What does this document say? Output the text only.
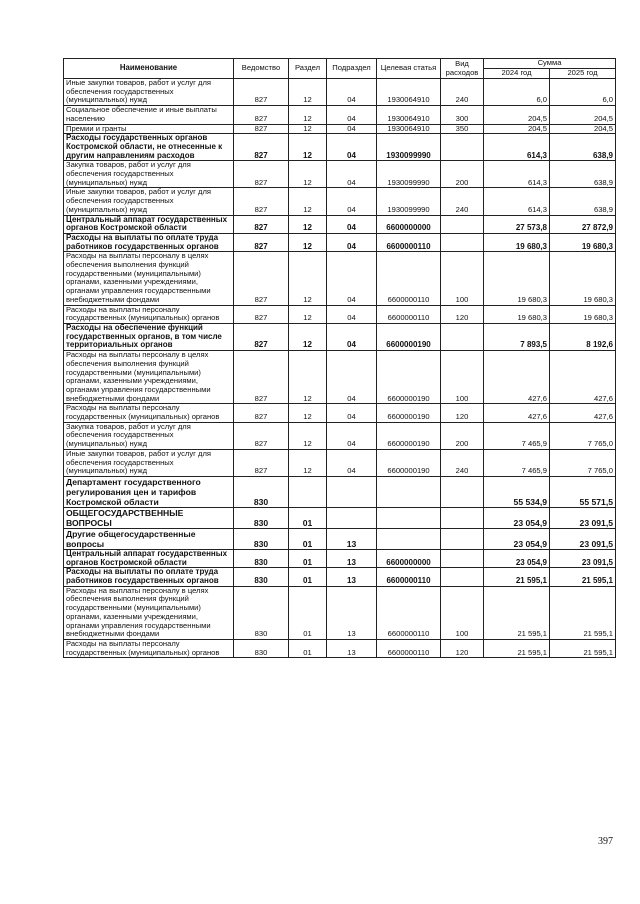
Наименование	Ведомство	Раздел	Подраздел	Целевая статья	Вид расходов	Сумма	
						2024 год	2025 год
Иные закупки товаров, работ и услуг для обеспечения государственных (муниципальных) нужд	827	12	04	1930064910	240	6,0	6,0
Социальное обеспечение и иные выплаты населению	827	12	04	1930064910	300	204,5	204,5
Премии и гранты	827	12	04	1930064910	350	204,5	204,5
Расходы государственных органов Костромской области, не отнесенные к другим направлениям расходов	827	12	04	1930099990		614,3	638,9
Закупка товаров, работ и услуг для обеспечения государственных (муниципальных) нужд	827	12	04	1930099990	200	614,3	638,9
Иные закупки товаров, работ и услуг для обеспечения государственных (муниципальных) нужд	827	12	04	1930099990	240	614,3	638,9
Центральный аппарат государственных органов Костромской области	827	12	04	6600000000		27 573,8	27 872,9
Расходы на выплаты по оплате труда работников государственных органов	827	12	04	6600000110		19 680,3	19 680,3
Расходы на выплаты персоналу в целях обеспечения выполнения функций государственными (муниципальными) органами, казенными учреждениями, органами управления государственными внебюджетными фондами	827	12	04	6600000110	100	19 680,3	19 680,3
Расходы на выплаты персоналу государственных (муниципальных) органов	827	12	04	6600000110	120	19 680,3	19 680,3
Расходы на обеспечение функций государственных органов, в том числе территориальных органов	827	12	04	6600000190		7 893,5	8 192,6
Расходы на выплаты персоналу в целях обеспечения выполнения функций государственными (муниципальными) органами, казенными учреждениями, органами управления государственными внебюджетными фондами	827	12	04	6600000190	100	427,6	427,6
Расходы на выплаты персоналу государственных (муниципальных) органов	827	12	04	6600000190	120	427,6	427,6
Закупка товаров, работ и услуг для обеспечения государственных (муниципальных) нужд	827	12	04	6600000190	200	7 465,9	7 765,0
Иные закупки товаров, работ и услуг для обеспечения государственных (муниципальных) нужд	827	12	04	6600000190	240	7 465,9	7 765,0
Департамент государственного регулирования цен и тарифов Костромской области	830					55 534,9	55 571,5
ОБЩЕГОСУДАРСТВЕННЫЕ ВОПРОСЫ	830	01				23 054,9	23 091,5
Другие общегосударственные вопросы	830	01	13			23 054,9	23 091,5
Центральный аппарат государственных органов Костромской области	830	01	13	6600000000		23 054,9	23 091,5
Расходы на выплаты по оплате труда работников государственных органов	830	01	13	6600000110		21 595,1	21 595,1
Расходы на выплаты персоналу в целях обеспечения выполнения функций государственными (муниципальными) органами, казенными учреждениями, органами управления государственными внебюджетными фондами	830	01	13	6600000110	100	21 595,1	21 595,1
Расходы на выплаты персоналу государственных (муниципальных) органов	830	01	13	6600000110	120	21 595,1	21 595,1
397
